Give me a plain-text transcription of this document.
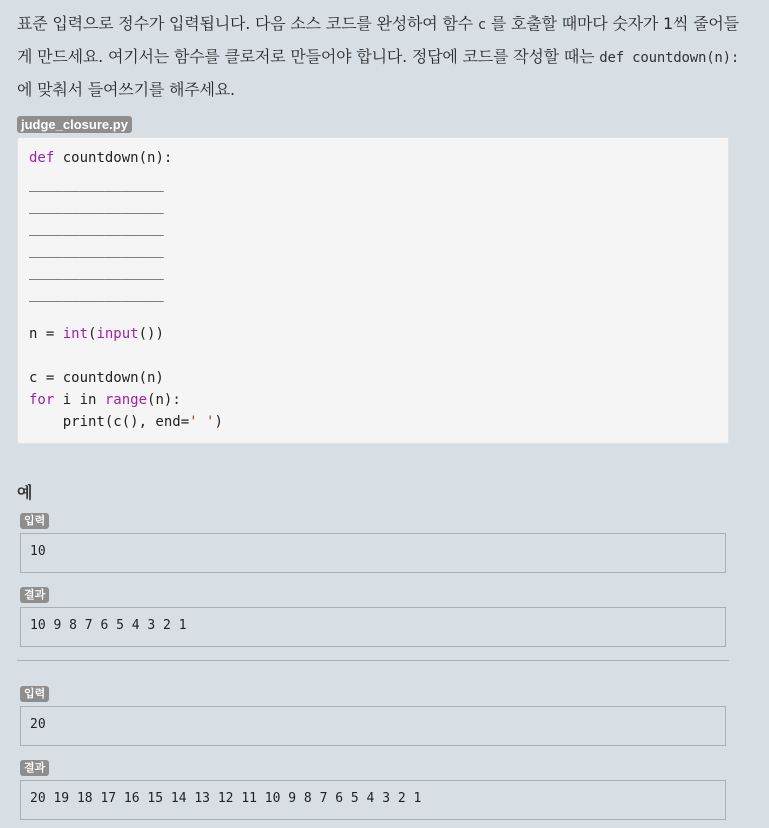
표준 입력으로 정수가 입력됩니다. 다음 소스 코드를 완성하여 함수 c 를 호출할 때마다 숫자가 1씩 줄어들게 만드세요. 여기서는 함수를 클로저로 만들어야 합니다. 정답에 코드를 작성할 때는 def countdown(n): 에 맞춰서 들여쓰기를 해주세요.
judge_closure.py
def countdown(n):
________________
________________
________________
________________
________________
________________
n = int(input())
c = countdown(n)
for i in range(n):
print(c(), end=' ')
예
입력
10
결과
10 9 8 7 6 5 4 3 2 1
입력
20
결과
20 19 18 17 16 15 14 13 12 11 10 9 8 7 6 5 4 3 2 1
